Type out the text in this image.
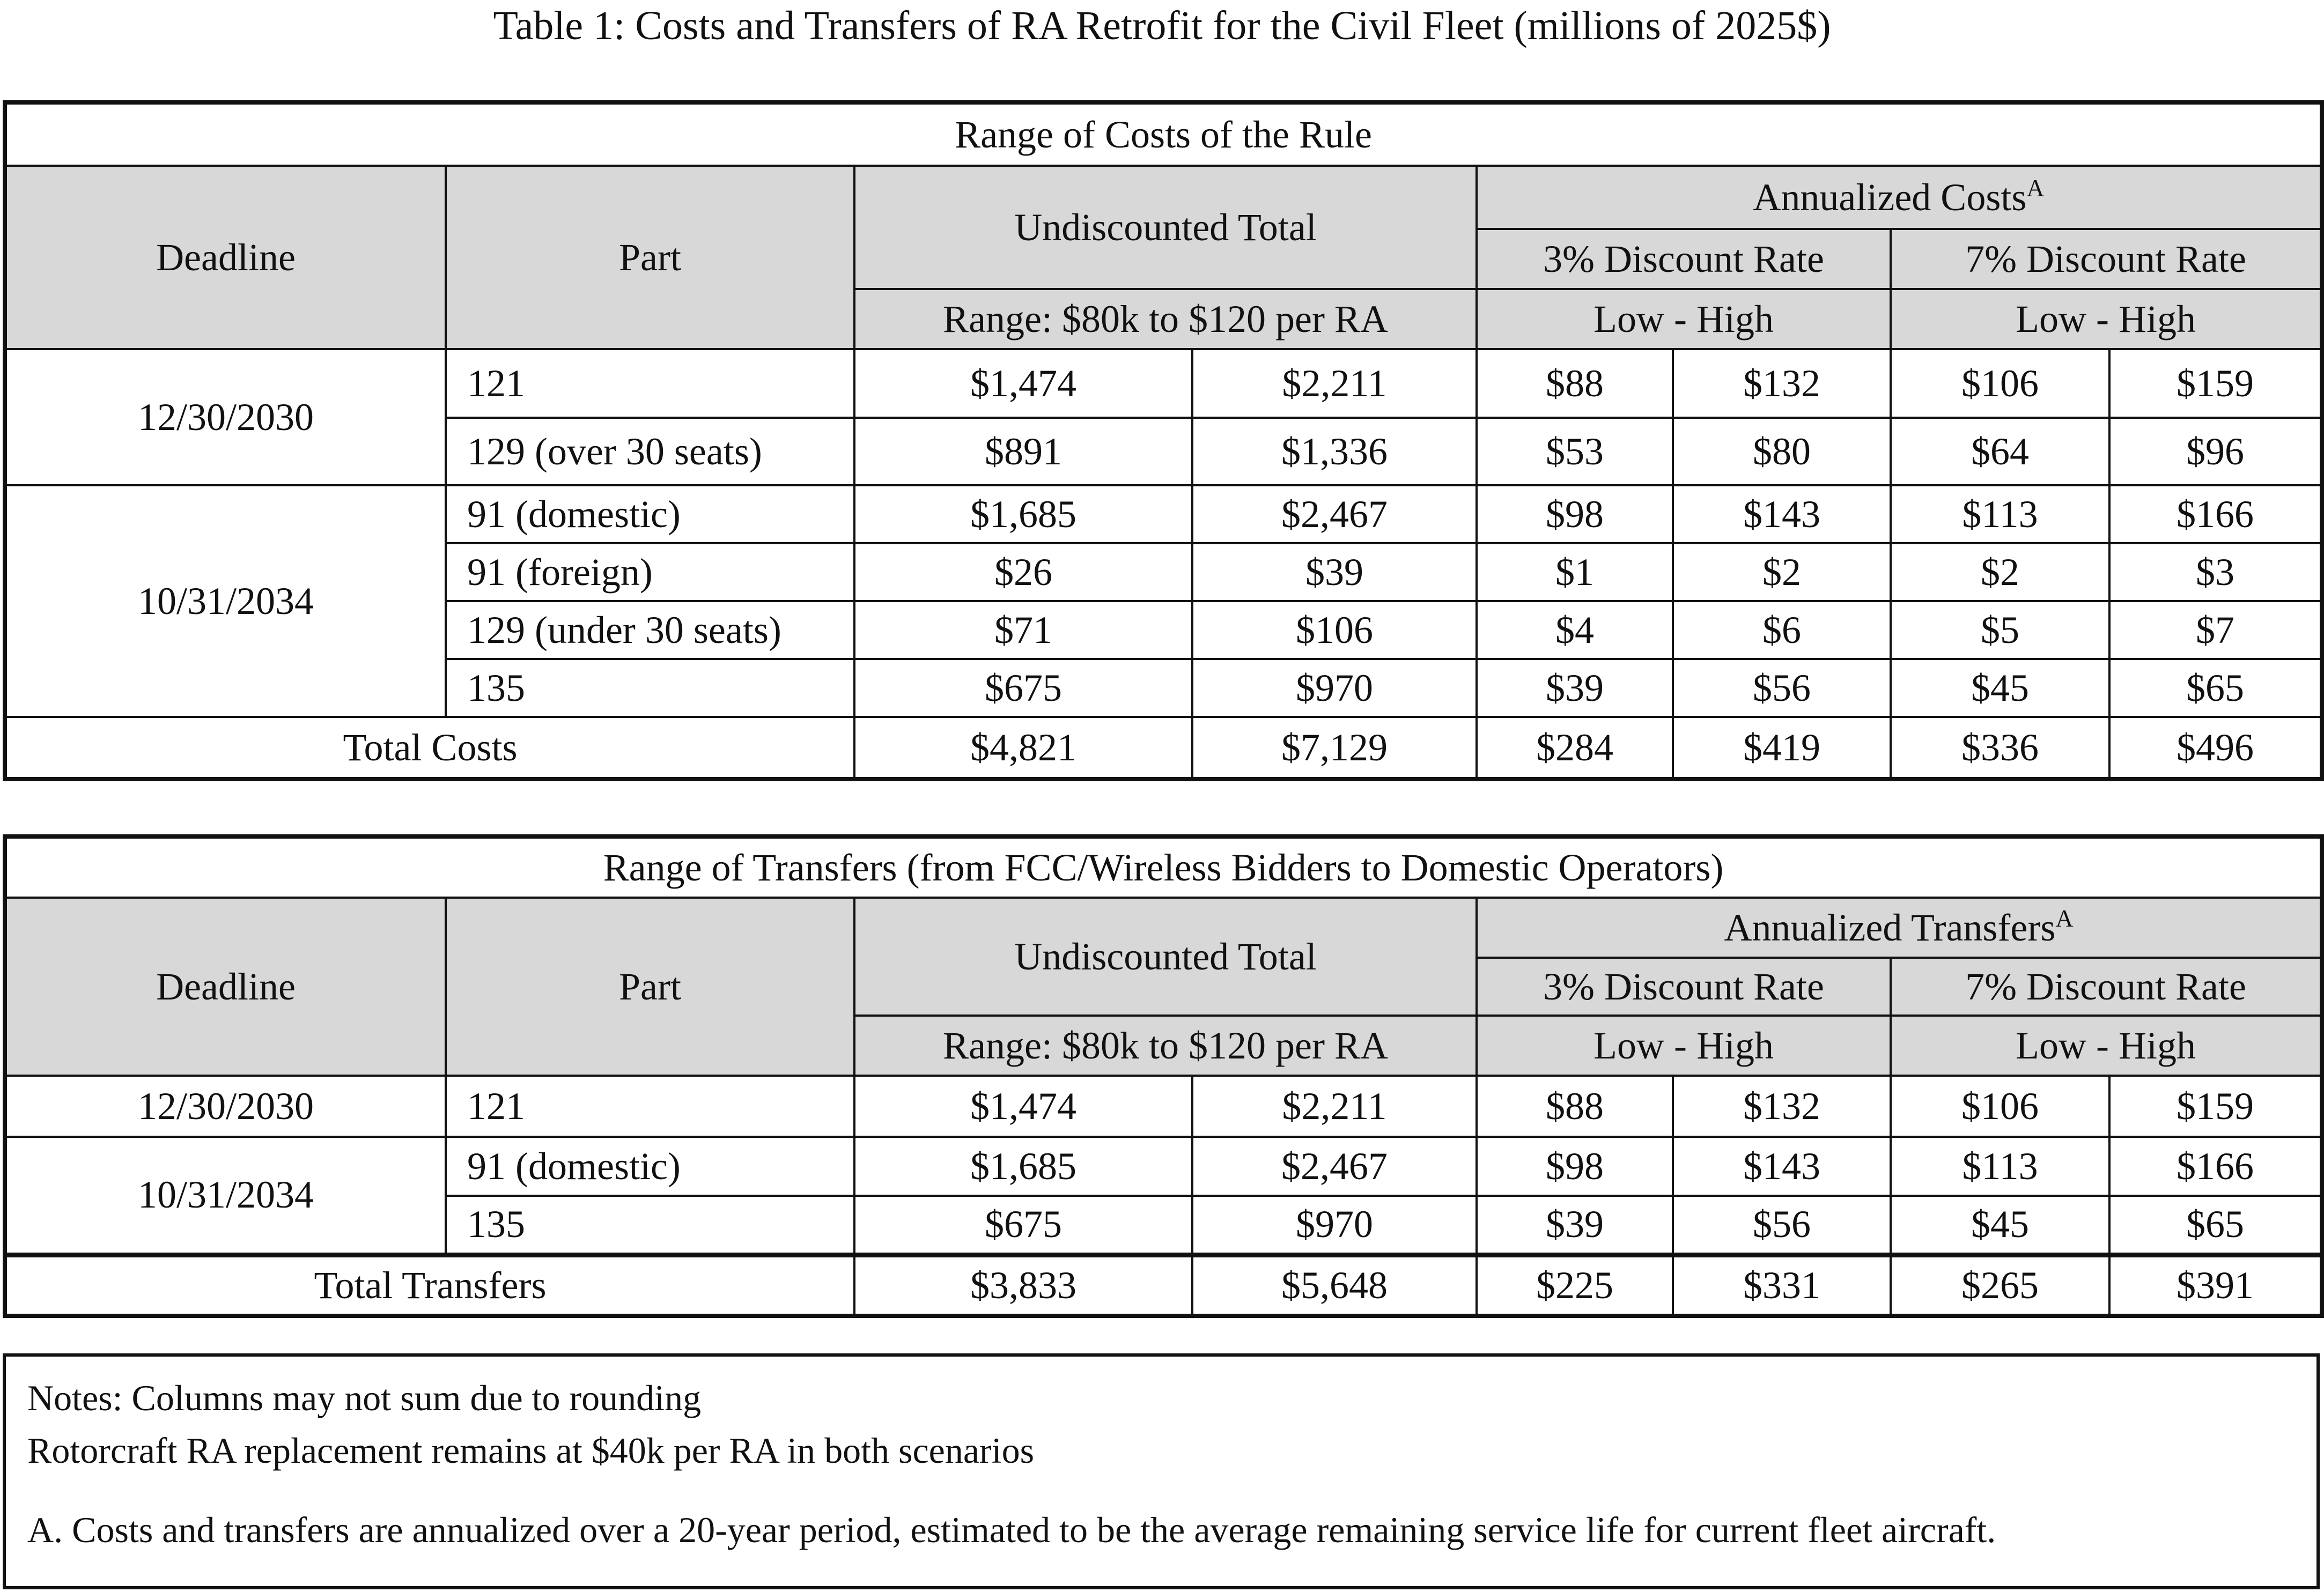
Table 1: Costs and Transfers of RA Retrofit for the Civil Fleet (millions of 2025$)
Range of Costs of the Rule							
Deadline	Part	Undiscounted Total		Annualized Costs$^A$
				3% Discount Rate		7% Discount Rate	
		Range: $80k to $120 per RA		Low - High		Low - High	
12/30/2030	121	$1,474	$2,211	$88	$132	$106	$159
	129 (over 30 seats)	$891	$1,336	$53	$80	$64	$96
10/31/2034	91 (domestic)	$1,685	$2,467	$98	$143	$113	$166
	91 (foreign)	$26	$39	$1	$2	$2	$3
	129 (under 30 seats)	$71	$106	$4	$6	$5	$7
	135	$675	$970	$39	$56	$45	$65
Total Costs		$4,821	$7,129	$284	$419	$336	$496
Range of Transfers (from FCC/Wireless Bidders to Domestic Operators)							
Deadline	Part	Undiscounted Total		Annualized Transfers$^A$
				3% Discount Rate		7% Discount Rate	
		Range: $80k to $120 per RA		Low - High		Low - High	
12/30/2030	121	$1,474	$2,211	$88	$132	$106	$159
10/31/2034	91 (domestic)	$1,685	$2,467	$98	$143	$113	$166
	135	$675	$970	$39	$56	$45	$65
Total Transfers		$3,833	$5,648	$225	$331	$265	$391
Notes: Columns may not sum due to rounding
Rotorcraft RA replacement remains at $40k per RA in both scenarios
A. Costs and transfers are annualized over a 20-year period, estimated to be the average remaining service life for current fleet aircraft.
